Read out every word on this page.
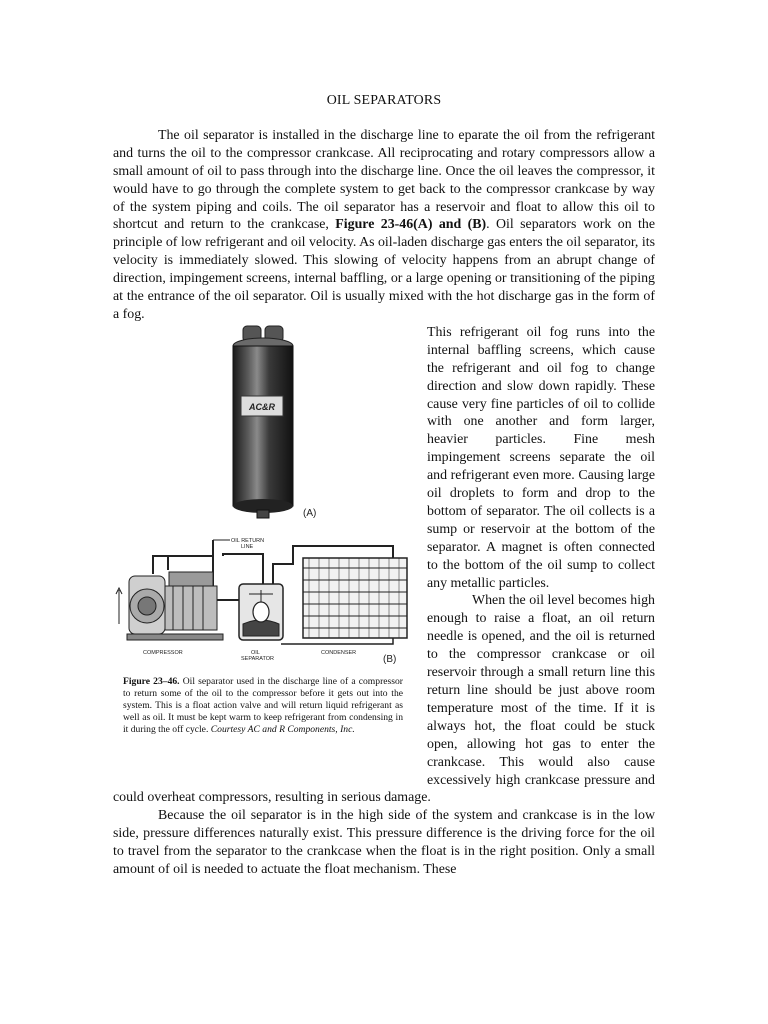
OIL SEPARATORS

The oil separator is installed in the discharge line to eparate the oil from the refrigerant and turns the oil to the compressor crankcase. All reciprocating and rotary compressors allow a small amount of oil to pass through into the discharge line. Once the oil leaves the compressor, it would have to go through the complete system to get back to the compressor crankcase by way of the system piping and coils. The oil separator has a reservoir and float to allow this oil to shortcut and return to the crankcase, Figure 23-46(A) and (B). Oil separators work on the principle of low refrigerant and oil velocity. As oil-laden discharge gas enters the oil separator, its velocity is immediately slowed. This slowing of velocity happens from an abrupt change of direction, impingement screens, internal baffling, or a large opening or transitioning of the piping at the entrance of the oil separator. Oil is usually mixed with the hot discharge gas in the form of a fog.

AC&R
(A)
OIL RETURN
LINE
COMPRESSOR	OIL
SEPARATOR
CONDENSER
(B)
Figure 23–46. Oil separator used in the discharge line of a compressor to return some of the oil to the compressor before it gets out into the system. This is a float action valve and will return liquid refrigerant as well as oil. It must be kept warm to keep refrigerant from condensing in it during the off cycle. Courtesy AC and R Components, Inc.

This refrigerant oil fog runs into the internal baffling screens, which cause the refrigerant and oil fog to change direction and slow down rapidly. These cause very fine particles of oil to collide with one another and form larger, heavier particles. Fine mesh impingement screens separate the oil and refrigerant even more. Causing large oil droplets to form and drop to the bottom of separator. The oil collects is a sump or reservoir at the bottom of the separator. A magnet is often connected to the bottom of the oil sump to collect any metallic particles.

When the oil level becomes high enough to raise a float, an oil return needle is opened, and the oil is returned to the compressor crankcase or oil reservoir through a small return line this return line should be just above room temperature most of the time. If it is always hot, the float could be stuck open, allowing hot gas to enter the crankcase. This would also cause excessively high crankcase pressure and could overheat compressors, resulting in serious damage.

Because the oil separator is in the high side of the system and crankcase is in the low side, pressure differences naturally exist. This pressure difference is the driving force for the oil to travel from the separator to the crankcase when the float is in the right position. Only a small amount of oil is needed to actuate the float mechanism. These
